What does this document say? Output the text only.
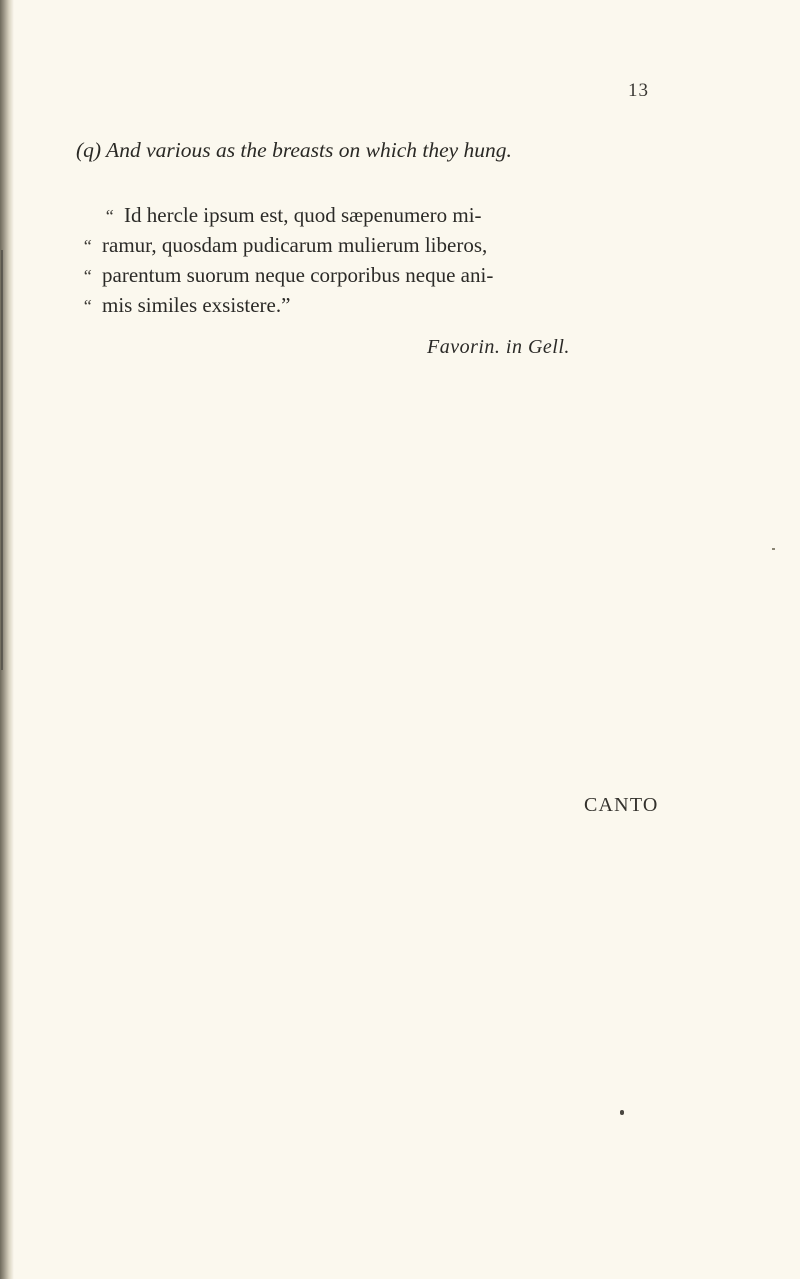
13
(q) And various as the breasts on which they hung.
“ Id hercle ipsum est, quod sæpenumero mi-
“ ramur, quosdam pudicarum mulierum liberos,
“ parentum suorum neque corporibus neque ani-
“ mis similes exsistere.”
Favorin. in Gell.
CANTO
